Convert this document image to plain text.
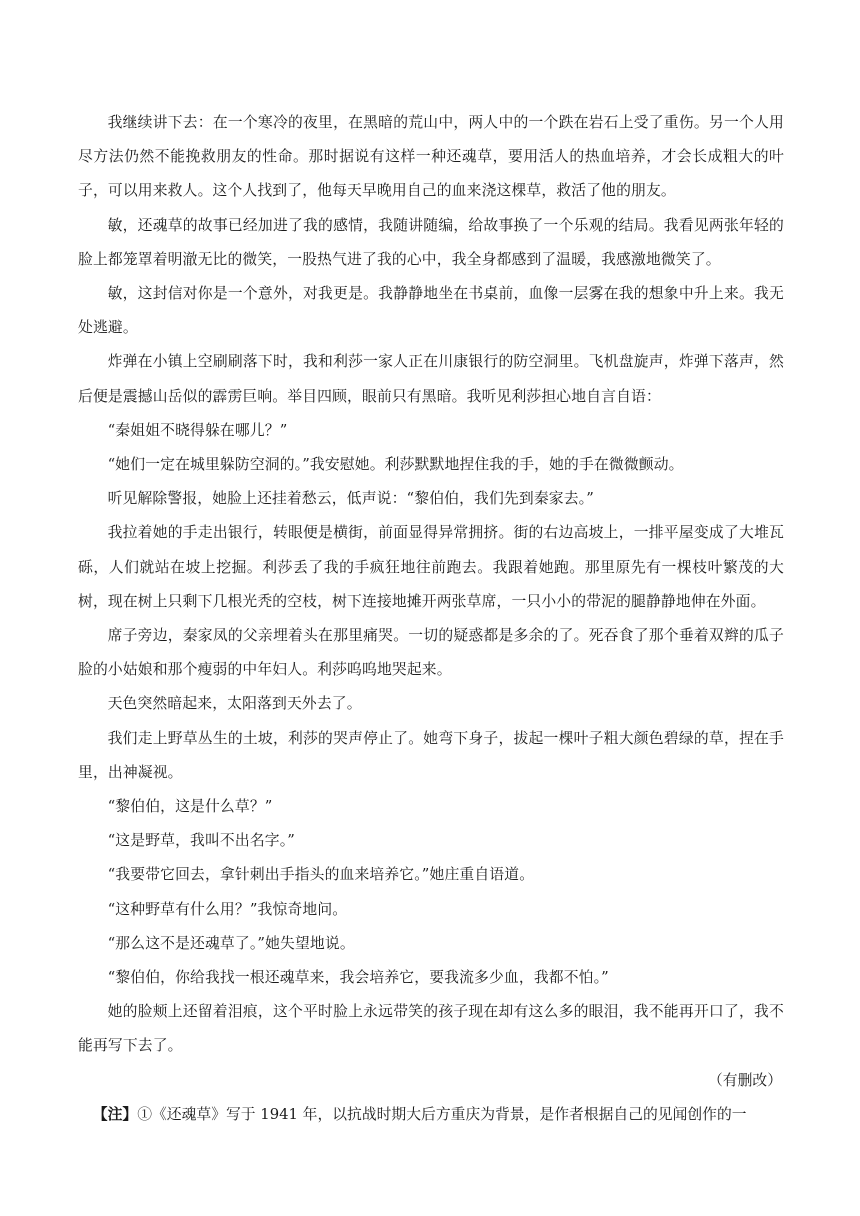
我继续讲下去：在一个寒冷的夜里，在黑暗的荒山中，两人中的一个跌在岩石上受了重伤。另一个人用尽方法仍然不能挽救朋友的性命。那时据说有这样一种还魂草，要用活人的热血培养，才会长成粗大的叶子，可以用来救人。这个人找到了，他每天早晚用自己的血来浇这棵草，救活了他的朋友。

敏，还魂草的故事已经加进了我的感情，我随讲随编，给故事换了一个乐观的结局。我看见两张年轻的脸上都笼罩着明澈无比的微笑，一股热气进了我的心中，我全身都感到了温暖，我感激地微笑了。

敏，这封信对你是一个意外，对我更是。我静静地坐在书桌前，血像一层雾在我的想象中升上来。我无处逃避。

炸弹在小镇上空刷刷落下时，我和利莎一家人正在川康银行的防空洞里。飞机盘旋声，炸弹下落声，然后便是震撼山岳似的霹雳巨响。举目四顾，眼前只有黑暗。我听见利莎担心地自言自语：

“秦姐姐不晓得躲在哪儿？”

“她们一定在城里躲防空洞的。”我安慰她。利莎默默地捏住我的手，她的手在微微颤动。

听见解除警报，她脸上还挂着愁云，低声说：“黎伯伯，我们先到秦家去。”

我拉着她的手走出银行，转眼便是横街，前面显得异常拥挤。街的右边高坡上，一排平屋变成了大堆瓦砾，人们就站在坡上挖掘。利莎丢了我的手疯狂地往前跑去。我跟着她跑。那里原先有一棵枝叶繁茂的大树，现在树上只剩下几根光秃的空枝，树下连接地摊开两张草席，一只小小的带泥的腿静静地伸在外面。

席子旁边，秦家凤的父亲埋着头在那里痛哭。一切的疑惑都是多余的了。死吞食了那个垂着双辫的瓜子脸的小姑娘和那个瘦弱的中年妇人。利莎呜呜地哭起来。

天色突然暗起来，太阳落到天外去了。

我们走上野草丛生的土坡，利莎的哭声停止了。她弯下身子，拔起一棵叶子粗大颜色碧绿的草，捏在手里，出神凝视。

“黎伯伯，这是什么草？”

“这是野草，我叫不出名字。”

“我要带它回去，拿针刺出手指头的血来培养它。”她庄重自语道。

“这种野草有什么用？”我惊奇地问。

“那么这不是还魂草了。”她失望地说。

“黎伯伯，你给我找一根还魂草来，我会培养它，要我流多少血，我都不怕。”

她的脸颊上还留着泪痕，这个平时脸上永远带笑的孩子现在却有这么多的眼泪，我不能再开口了，我不能再写下去了。

（有删改）

【注】①《还魂草》写于 1941 年，以抗战时期大后方重庆为背景，是作者根据自己的见闻创作的一
